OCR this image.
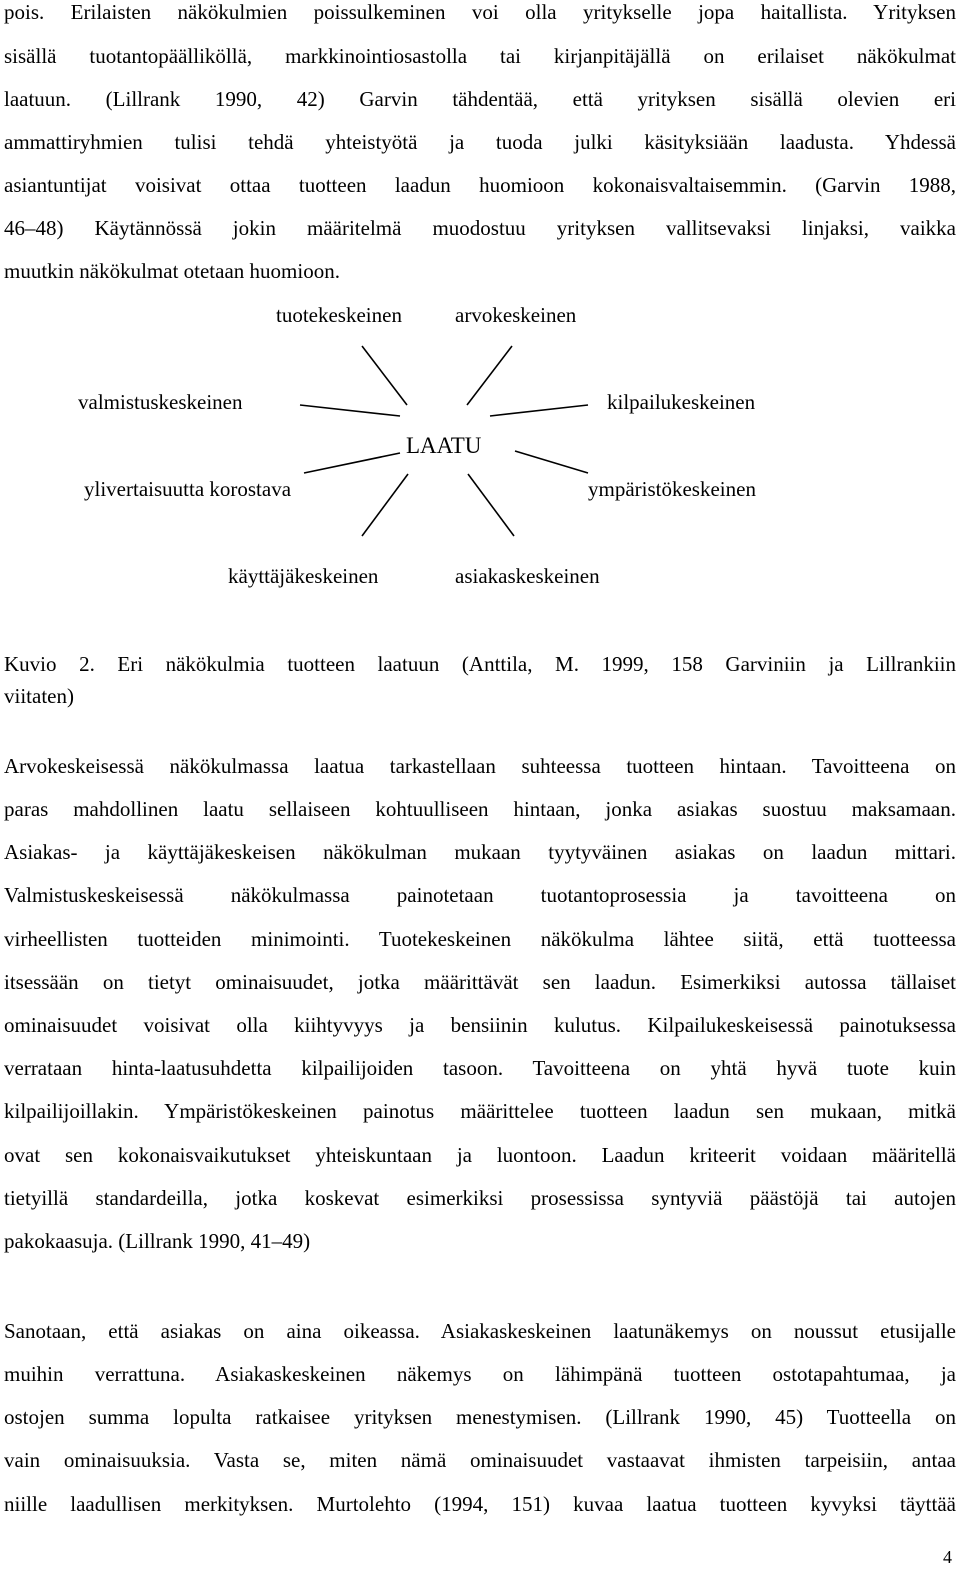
pois. Erilaisten näkökulmien poissulkeminen voi olla yritykselle jopa haitallista. Yrityksen
sisällä tuotantopäälliköllä, markkinointiosastolla tai kirjanpitäjällä on erilaiset näkökulmat
laatuun. (Lillrank 1990, 42) Garvin tähdentää, että yrityksen sisällä olevien eri
ammattiryhmien tulisi tehdä yhteistyötä ja tuoda julki käsityksiään laadusta. Yhdessä
asiantuntijat voisivat ottaa tuotteen laadun huomioon kokonaisvaltaisemmin. (Garvin 1988,
46–48) Käytännössä jokin määritelmä muodostuu yrityksen vallitsevaksi linjaksi, vaikka
muutkin näkökulmat otetaan huomioon.
tuotekeskeinen	arvokeskeinen
valmistuskeskeinen	kilpailukeskeinen
LAATU
ylivertaisuutta korostava	ympäristökeskeinen
käyttäjäkeskeinen	asiakaskeskeinen
Kuvio 2. Eri näkökulmia tuotteen laatuun (Anttila, M. 1999, 158 Garviniin ja Lillrankiin
viitaten)
Arvokeskeisessä näkökulmassa laatua tarkastellaan suhteessa tuotteen hintaan. Tavoitteena on
paras mahdollinen laatu sellaiseen kohtuulliseen hintaan, jonka asiakas suostuu maksamaan.
Asiakas- ja käyttäjäkeskeisen näkökulman mukaan tyytyväinen asiakas on laadun mittari.
Valmistuskeskeisessä näkökulmassa painotetaan tuotantoprosessia ja tavoitteena on
virheellisten tuotteiden minimointi. Tuotekeskeinen näkökulma lähtee siitä, että tuotteessa
itsessään on tietyt ominaisuudet, jotka määrittävät sen laadun. Esimerkiksi autossa tällaiset
ominaisuudet voisivat olla kiihtyvyys ja bensiinin kulutus. Kilpailukeskeisessä painotuksessa
verrataan hinta-laatusuhdetta kilpailijoiden tasoon. Tavoitteena on yhtä hyvä tuote kuin
kilpailijoillakin. Ympäristökeskeinen painotus määrittelee tuotteen laadun sen mukaan, mitkä
ovat sen kokonaisvaikutukset yhteiskuntaan ja luontoon. Laadun kriteerit voidaan määritellä
tietyillä standardeilla, jotka koskevat esimerkiksi prosessissa syntyviä päästöjä tai autojen
pakokaasuja. (Lillrank 1990, 41–49)
Sanotaan, että asiakas on aina oikeassa. Asiakaskeskeinen laatunäkemys on noussut etusijalle
muihin verrattuna. Asiakaskeskeinen näkemys on lähimpänä tuotteen ostotapahtumaa, ja
ostojen summa lopulta ratkaisee yrityksen menestymisen. (Lillrank 1990, 45) Tuotteella on
vain ominaisuuksia. Vasta se, miten nämä ominaisuudet vastaavat ihmisten tarpeisiin, antaa
niille laadullisen merkityksen. Murtolehto (1994, 151) kuvaa laatua tuotteen kyvyksi täyttää
4
